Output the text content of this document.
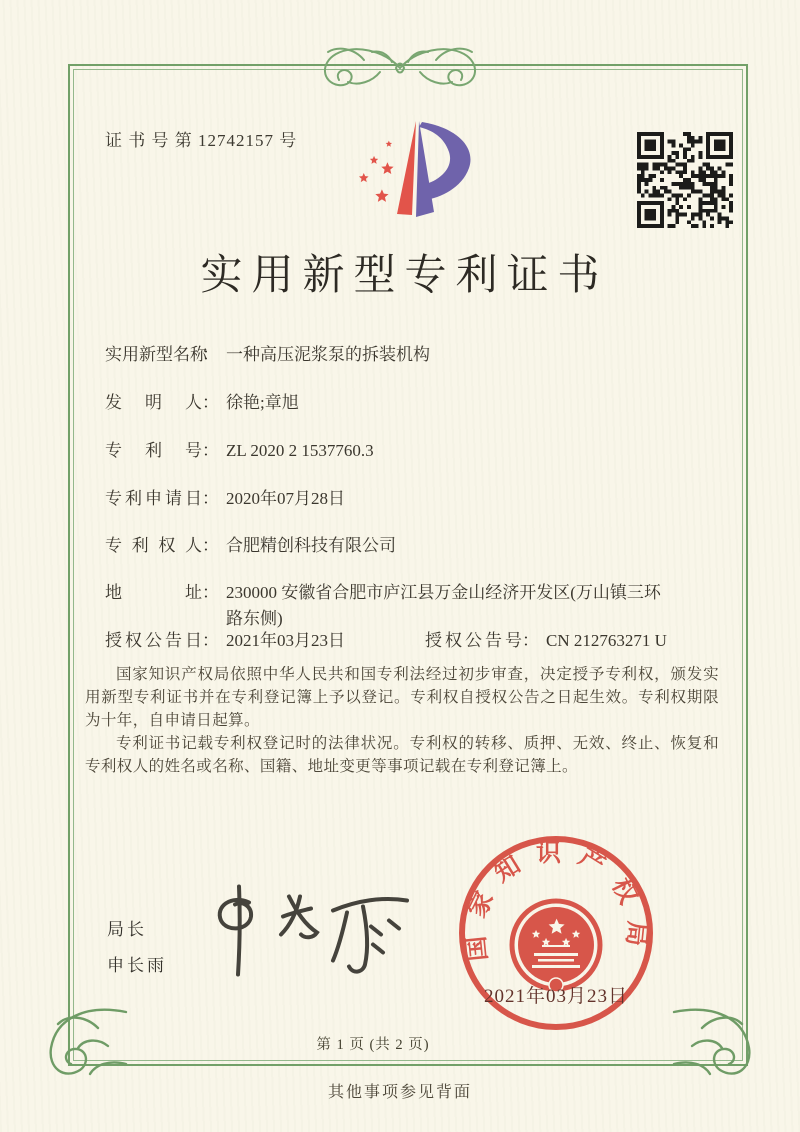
证 书 号 第 12742157 号
实用新型专利证书
实用新型名称： 一种高压泥浆泵的拆装机构
发明人： 徐艳;章旭
专利号： ZL 2020 2 1537760.3
专利申请日： 2020年07月28日
专利权人： 合肥精创科技有限公司
地址： 230000 安徽省合肥市庐江县万金山经济开发区(万山镇三环路东侧)
授权公告日： 2021年03月23日	授权公告号： CN 212763271 U

国家知识产权局依照中华人民共和国专利法经过初步审查，决定授予专利权，颁发实用新型专利证书并在专利登记簿上予以登记。专利权自授权公告之日起生效。专利权期限为十年，自申请日起算。

专利证书记载专利权登记时的法律状况。专利权的转移、质押、无效、终止、恢复和专利权人的姓名或名称、国籍、地址变更等事项记载在专利登记簿上。

局长
申长雨
国家知识产权局
2021年03月23日
第 1 页 (共 2 页)
其他事项参见背面
